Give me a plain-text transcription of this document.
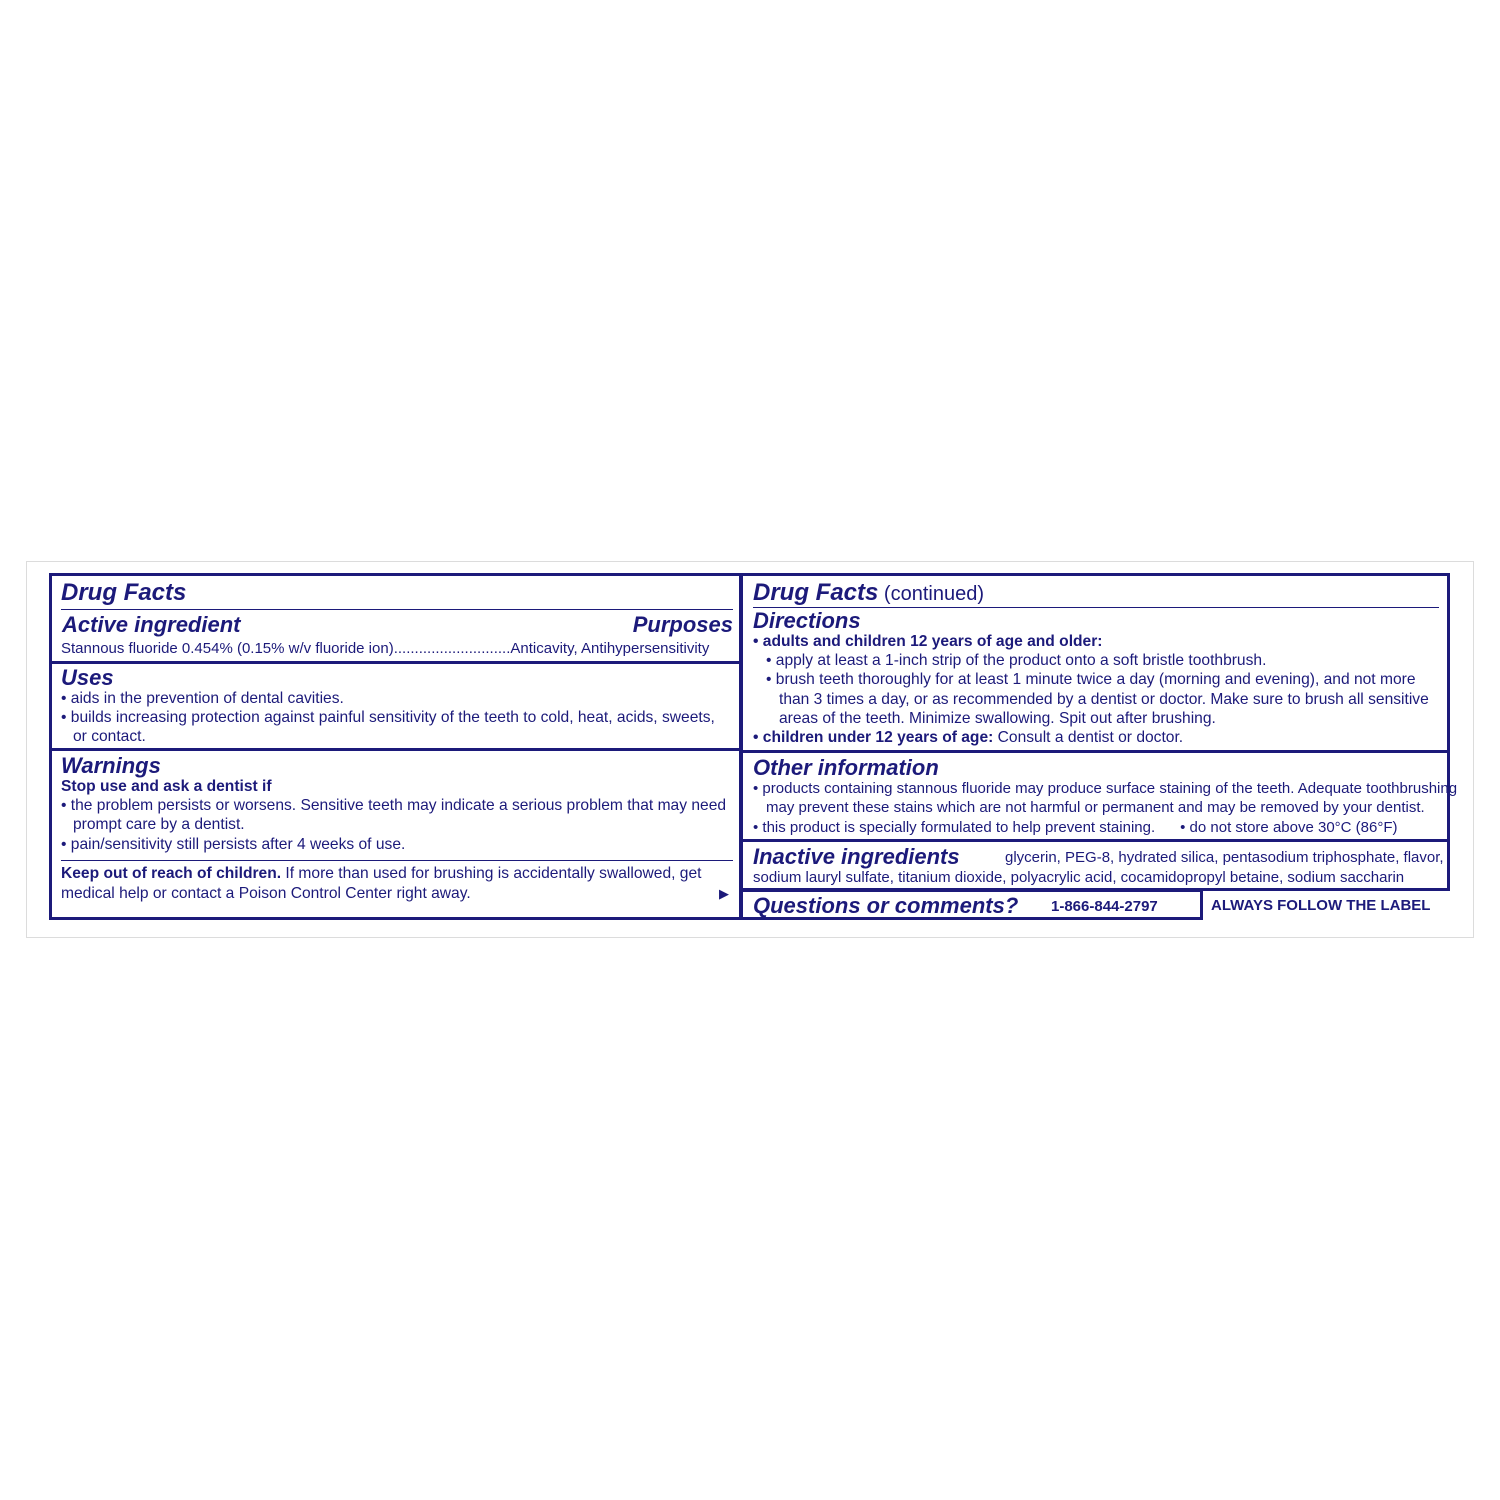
Drug Facts
Active ingredient	Purposes
Stannous fluoride 0.454% (0.15% w/v fluoride ion)............................Anticavity, Antihypersensitivity
Uses
• aids in the prevention of dental cavities.
• builds increasing protection against painful sensitivity of the teeth to cold, heat, acids, sweets,
or contact.
Warnings
Stop use and ask a dentist if
• the problem persists or worsens. Sensitive teeth may indicate a serious problem that may need
prompt care by a dentist.
• pain/sensitivity still persists after 4 weeks of use.
Keep out of reach of children. If more than used for brushing is accidentally swallowed, get
medical help or contact a Poison Control Center right away.	▶
Drug Facts (continued)
Directions
• adults and children 12 years of age and older:
• apply at least a 1-inch strip of the product onto a soft bristle toothbrush.
• brush teeth thoroughly for at least 1 minute twice a day (morning and evening), and not more
than 3 times a day, or as recommended by a dentist or doctor. Make sure to brush all sensitive
areas of the teeth. Minimize swallowing. Spit out after brushing.
• children under 12 years of age: Consult a dentist or doctor.
Other information
• products containing stannous fluoride may produce surface staining of the teeth. Adequate toothbrushing
may prevent these stains which are not harmful or permanent and may be removed by your dentist.
• this product is specially formulated to help prevent staining.      • do not store above 30°C (86°F)
Inactive ingredients	glycerin, PEG-8, hydrated silica, pentasodium triphosphate, flavor,
sodium lauryl sulfate, titanium dioxide, polyacrylic acid, cocamidopropyl betaine, sodium saccharin
Questions or comments? 1-866-844-2797	ALWAYS FOLLOW THE LABEL
